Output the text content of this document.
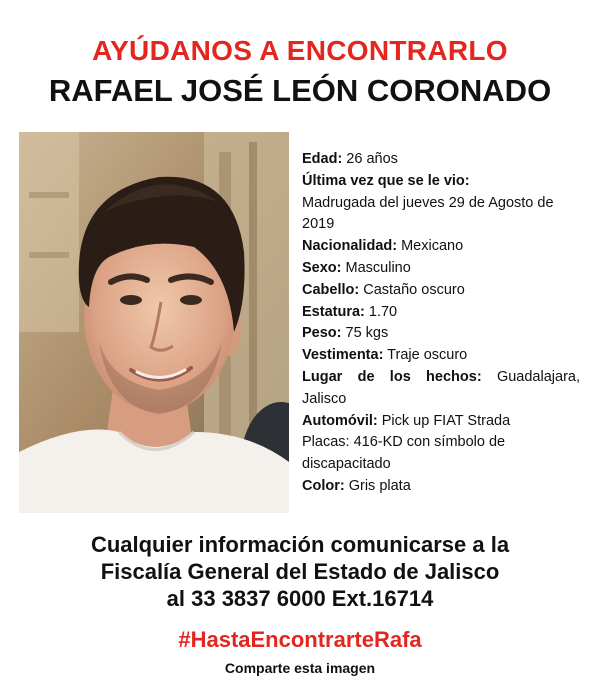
AYÚDANOS A ENCONTRARLO
RAFAEL JOSÉ LEÓN CORONADO

Edad: 26 años

Última vez que se le vio:

Madrugada del jueves 29 de Agosto de 2019

Nacionalidad: Mexicano

Sexo: Masculino

Cabello: Castaño oscuro

Estatura: 1.70

Peso: 75 kgs

Vestimenta: Traje oscuro

Lugar de los hechos: Guadalajara, Jalisco

Automóvil: Pick up FIAT Strada

Placas: 416-KD con símbolo de discapacitado

Color: Gris plata

Cualquier información comunicarse a la
Fiscalía General del Estado de Jalisco
al 33 3837 6000 Ext.16714
#HastaEncontrarteRafa
Comparte esta imagen
